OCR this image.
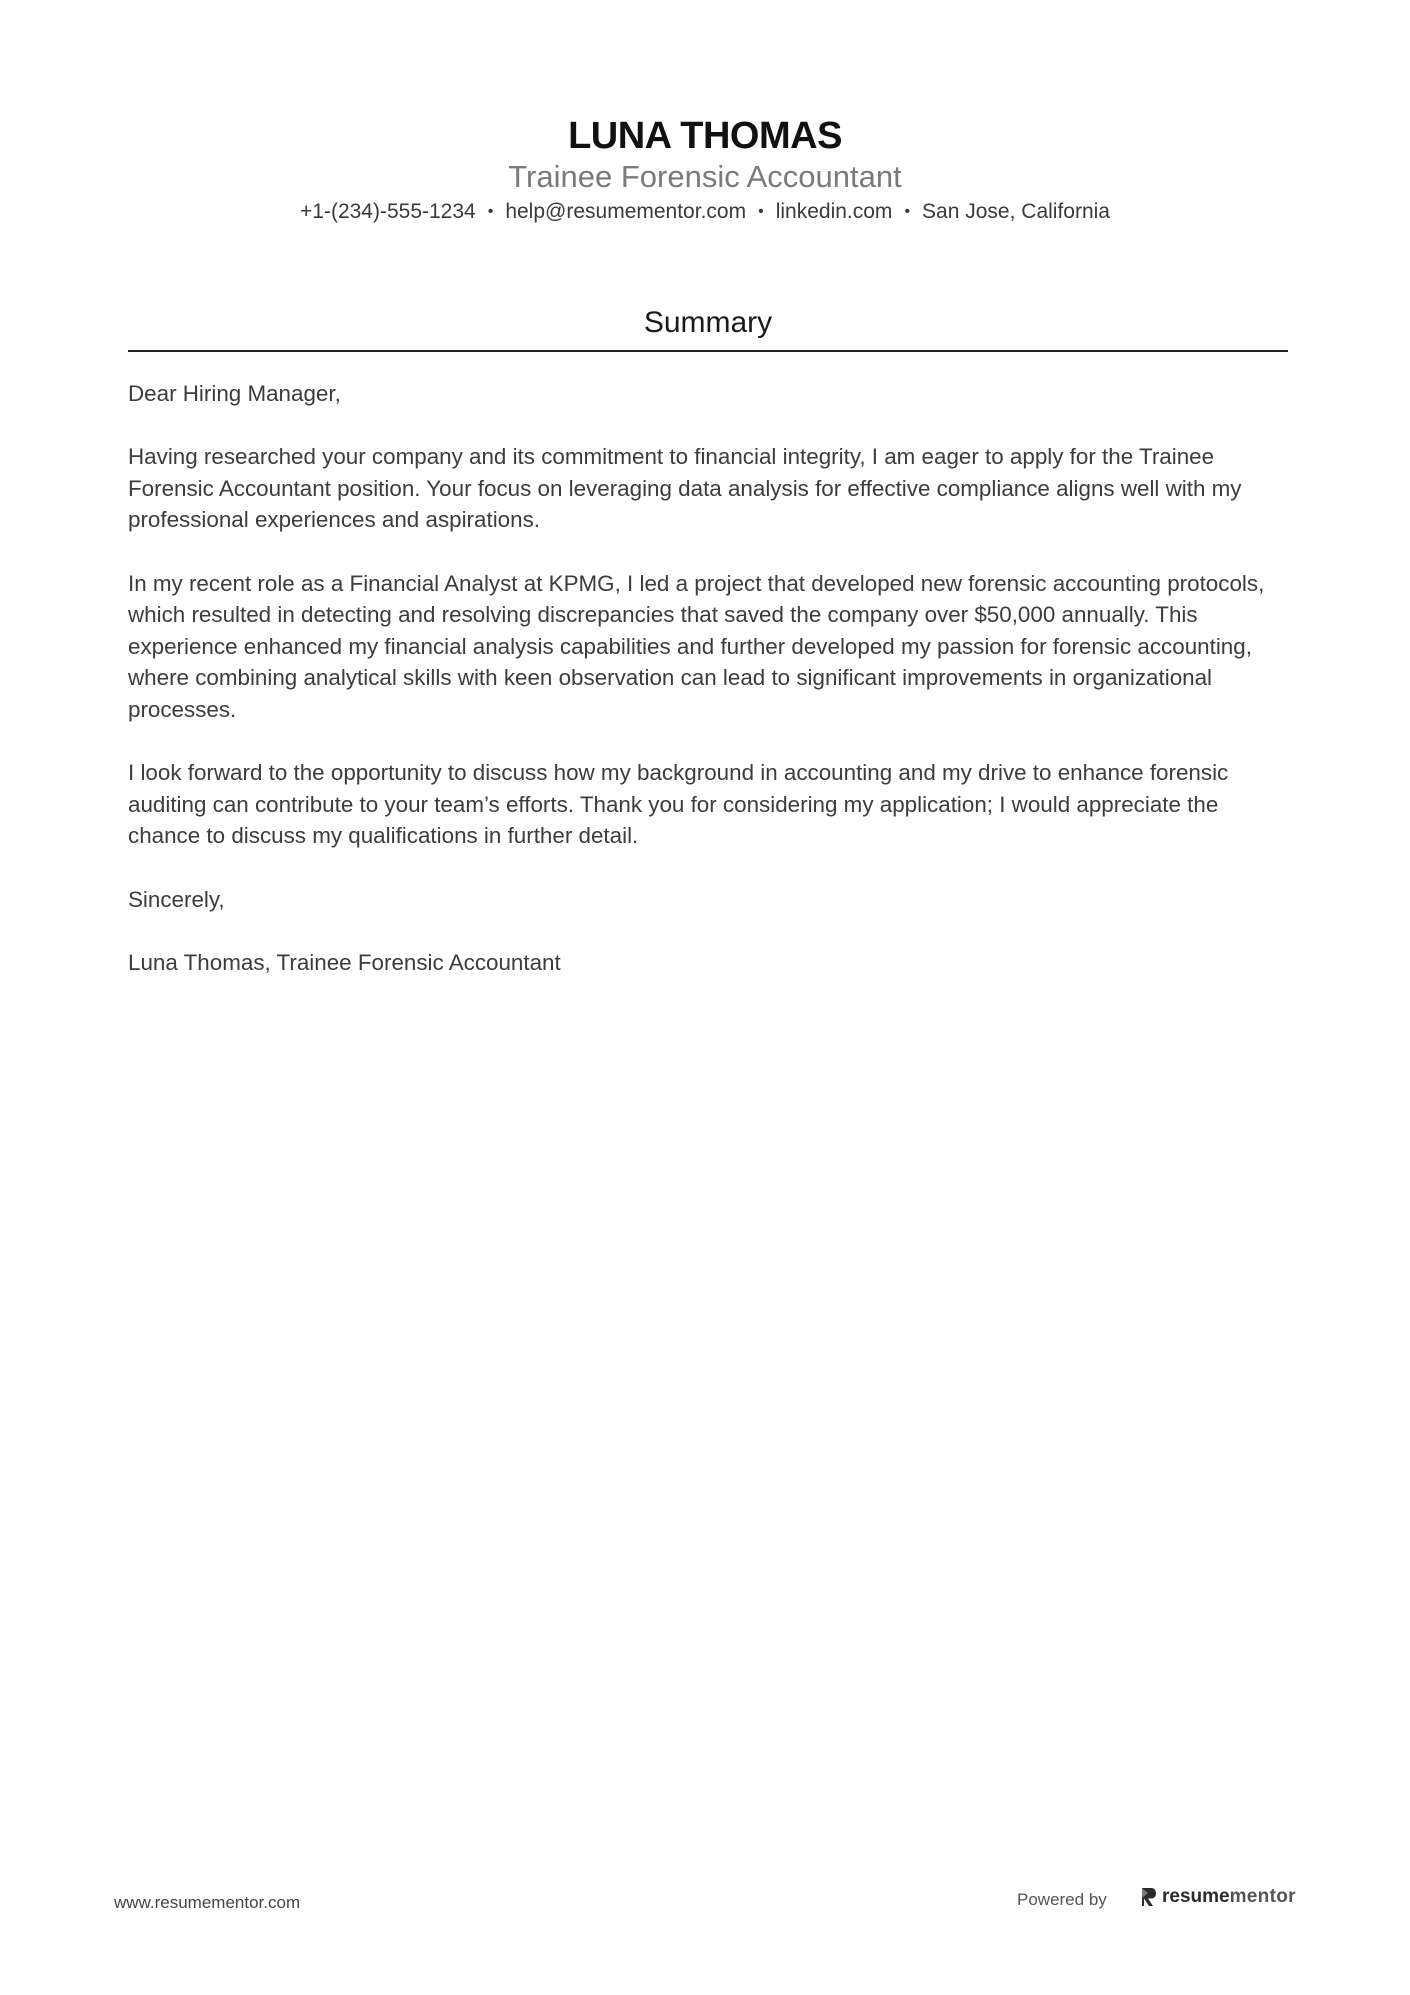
LUNA THOMAS
Trainee Forensic Accountant
+1-(234)-555-1234 • help@resumementor.com • linkedin.com • San Jose, California
Summary

Dear Hiring Manager,

Having researched your company and its commitment to financial integrity, I am eager to apply for the Trainee Forensic Accountant position. Your focus on leveraging data analysis for effective compliance aligns well with my professional experiences and aspirations.

In my recent role as a Financial Analyst at KPMG, I led a project that developed new forensic accounting protocols, which resulted in detecting and resolving discrepancies that saved the company over $50,000 annually. This experience enhanced my financial analysis capabilities and further developed my passion for forensic accounting, where combining analytical skills with keen observation can lead to significant improvements in organizational processes.

I look forward to the opportunity to discuss how my background in accounting and my drive to enhance forensic auditing can contribute to your team’s efforts. Thank you for considering my application; I would appreciate the chance to discuss my qualifications in further detail.

Sincerely,

Luna Thomas, Trainee Forensic Accountant

www.resumementor.com	Powered by	resume mentor
